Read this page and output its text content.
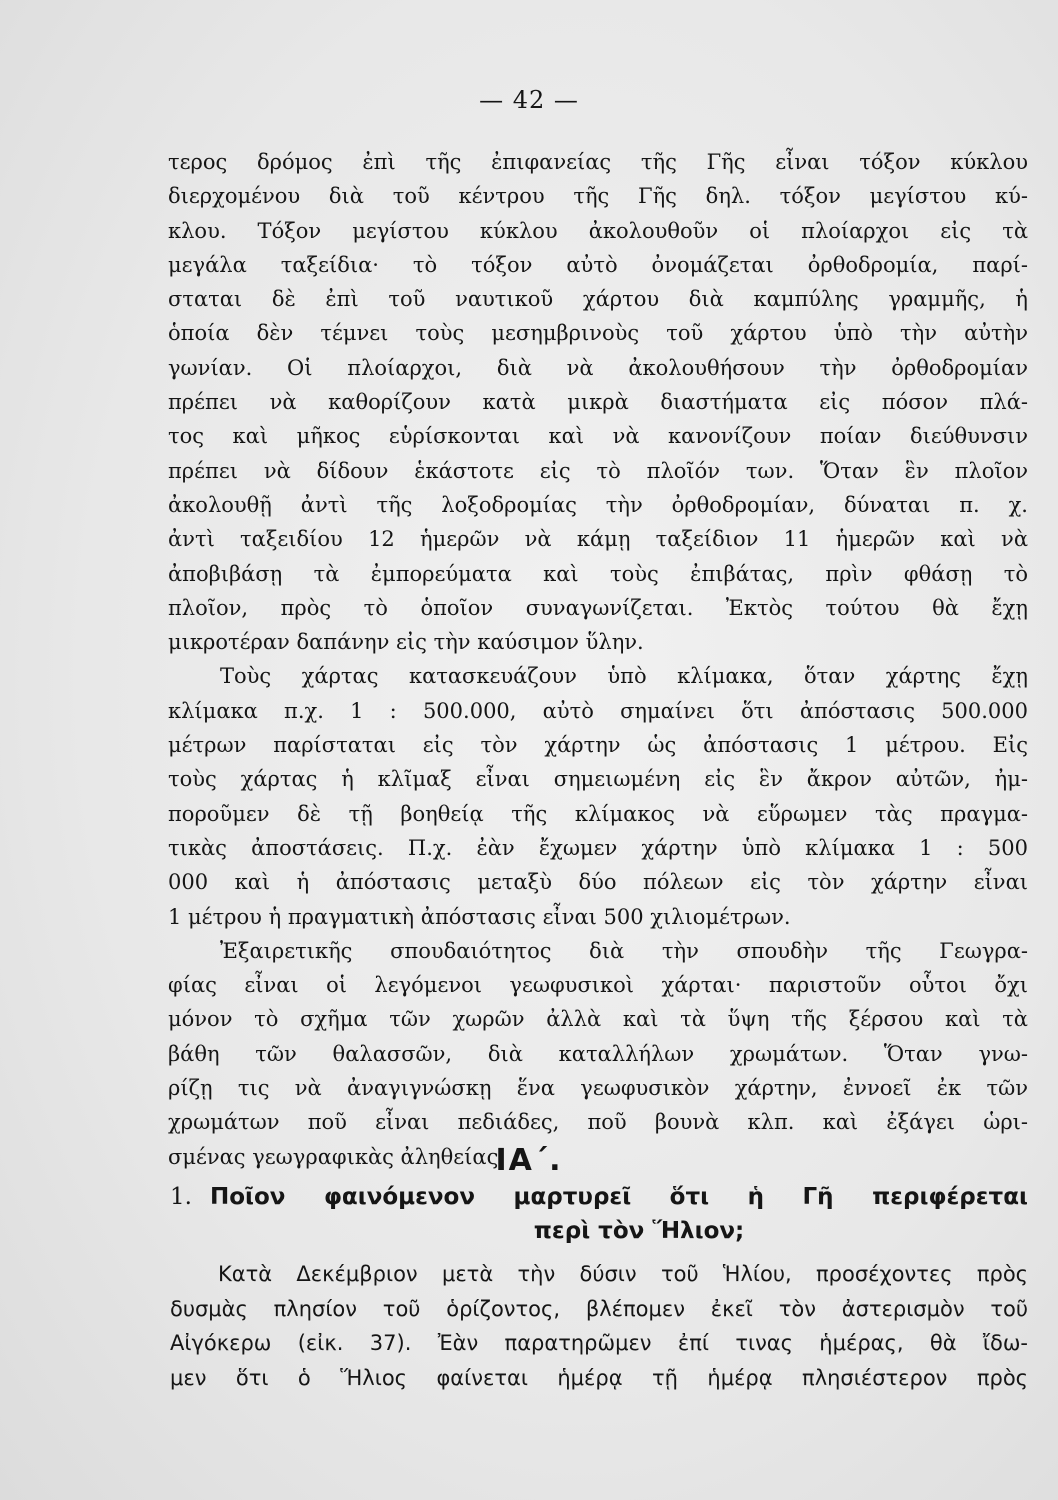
— 42 —
τερος δρόμος ἐπὶ τῆς ἐπιφανείας τῆς Γῆς εἶναι τόξον κύκλου
διερχομένου διὰ τοῦ κέντρου τῆς Γῆς δηλ. τόξον μεγίστου κύ-
κλου. Τόξον μεγίστου κύκλου ἀκολουθοῦν οἱ πλοίαρχοι εἰς τὰ
μεγάλα ταξείδια· τὸ τόξον αὐτὸ ὀνομάζεται ὀρθοδρομία, παρί-
σταται δὲ ἐπὶ τοῦ ναυτικοῦ χάρτου διὰ καμπύλης γραμμῆς, ἡ
ὁποία δὲν τέμνει τοὺς μεσημβρινοὺς τοῦ χάρτου ὑπὸ τὴν αὐτὴν
γωνίαν. Οἱ πλοίαρχοι, διὰ νὰ ἀκολουθήσουν τὴν ὀρθοδρομίαν
πρέπει νὰ καθορίζουν κατὰ μικρὰ διαστήματα εἰς πόσον πλά-
τος καὶ μῆκος εὑρίσκονται καὶ νὰ κανονίζουν ποίαν διεύθυνσιν
πρέπει νὰ δίδουν ἑκάστοτε εἰς τὸ πλοῖόν των. Ὅταν ἓν πλοῖον
ἀκολουθῇ ἀντὶ τῆς λοξοδρομίας τὴν ὀρθοδρομίαν, δύναται π. χ.
ἀντὶ ταξειδίου 12 ἡμερῶν νὰ κάμῃ ταξείδιον 11 ἡμερῶν καὶ νὰ
ἀποβιβάσῃ τὰ ἐμπορεύματα καὶ τοὺς ἐπιβάτας, πρὶν φθάσῃ τὸ
πλοῖον, πρὸς τὸ ὁποῖον συναγωνίζεται. Ἐκτὸς τούτου θὰ ἔχῃ
μικροτέραν δαπάνην εἰς τὴν καύσιμον ὕλην.
Τοὺς χάρτας κατασκευάζουν ὑπὸ κλίμακα, ὅταν χάρτης ἔχῃ
κλίμακα π.χ. 1 : 500.000, αὐτὸ σημαίνει ὅτι ἀπόστασις 500.000
μέτρων παρίσταται εἰς τὸν χάρτην ὡς ἀπόστασις 1 μέτρου. Εἰς
τοὺς χάρτας ἡ κλῖμαξ εἶναι σημειωμένη εἰς ἓν ἄκρον αὐτῶν, ἠμ-
ποροῦμεν δὲ τῇ βοηθείᾳ τῆς κλίμακος νὰ εὕρωμεν τὰς πραγμα-
τικὰς ἀποστάσεις. Π.χ. ἐὰν ἔχωμεν χάρτην ὑπὸ κλίμακα 1 : 500
000 καὶ ἡ ἀπόστασις μεταξὺ δύο πόλεων εἰς τὸν χάρτην εἶναι
1 μέτρου ἡ πραγματικὴ ἀπόστασις εἶναι 500 χιλιομέτρων.
Ἐξαιρετικῆς σπουδαιότητος διὰ τὴν σπουδὴν τῆς Γεωγρα-
φίας εἶναι οἱ λεγόμενοι γεωφυσικοὶ χάρται· παριστοῦν οὗτοι ὄχι
μόνον τὸ σχῆμα τῶν χωρῶν ἀλλὰ καὶ τὰ ὕψη τῆς ξέρσου καὶ τὰ
βάθη τῶν θαλασσῶν, διὰ καταλλήλων χρωμάτων. Ὅταν γνω-
ρίζῃ τις νὰ ἀναγιγνώσκῃ ἕνα γεωφυσικὸν χάρτην, ἐννοεῖ ἐκ τῶν
χρωμάτων ποῦ εἶναι πεδιάδες, ποῦ βουνὰ κλπ. καὶ ἐξάγει ὡρι-
σμένας γεωγραφικὰς ἀληθείας.
ΙΑ΄.
1. Ποῖον φαινόμενον μαρτυρεῖ ὅτι ἡ Γῆ περιφέρεται
περὶ τὸν Ἥλιον;
Κατὰ Δεκέμβριον μετὰ τὴν δύσιν τοῦ Ἡλίου, προσέχοντες πρὸς
δυσμὰς πλησίον τοῦ ὁρίζοντος, βλέπομεν ἐκεῖ τὸν ἀστερισμὸν τοῦ
Αἰγόκερω (εἰκ. 37). Ἐὰν παρατηρῶμεν ἐπί τινας ἡμέρας, θὰ ἴδω-
μεν ὅτι ὁ Ἥλιος φαίνεται ἡμέρᾳ τῇ ἡμέρᾳ πλησιέστερον πρὸς
